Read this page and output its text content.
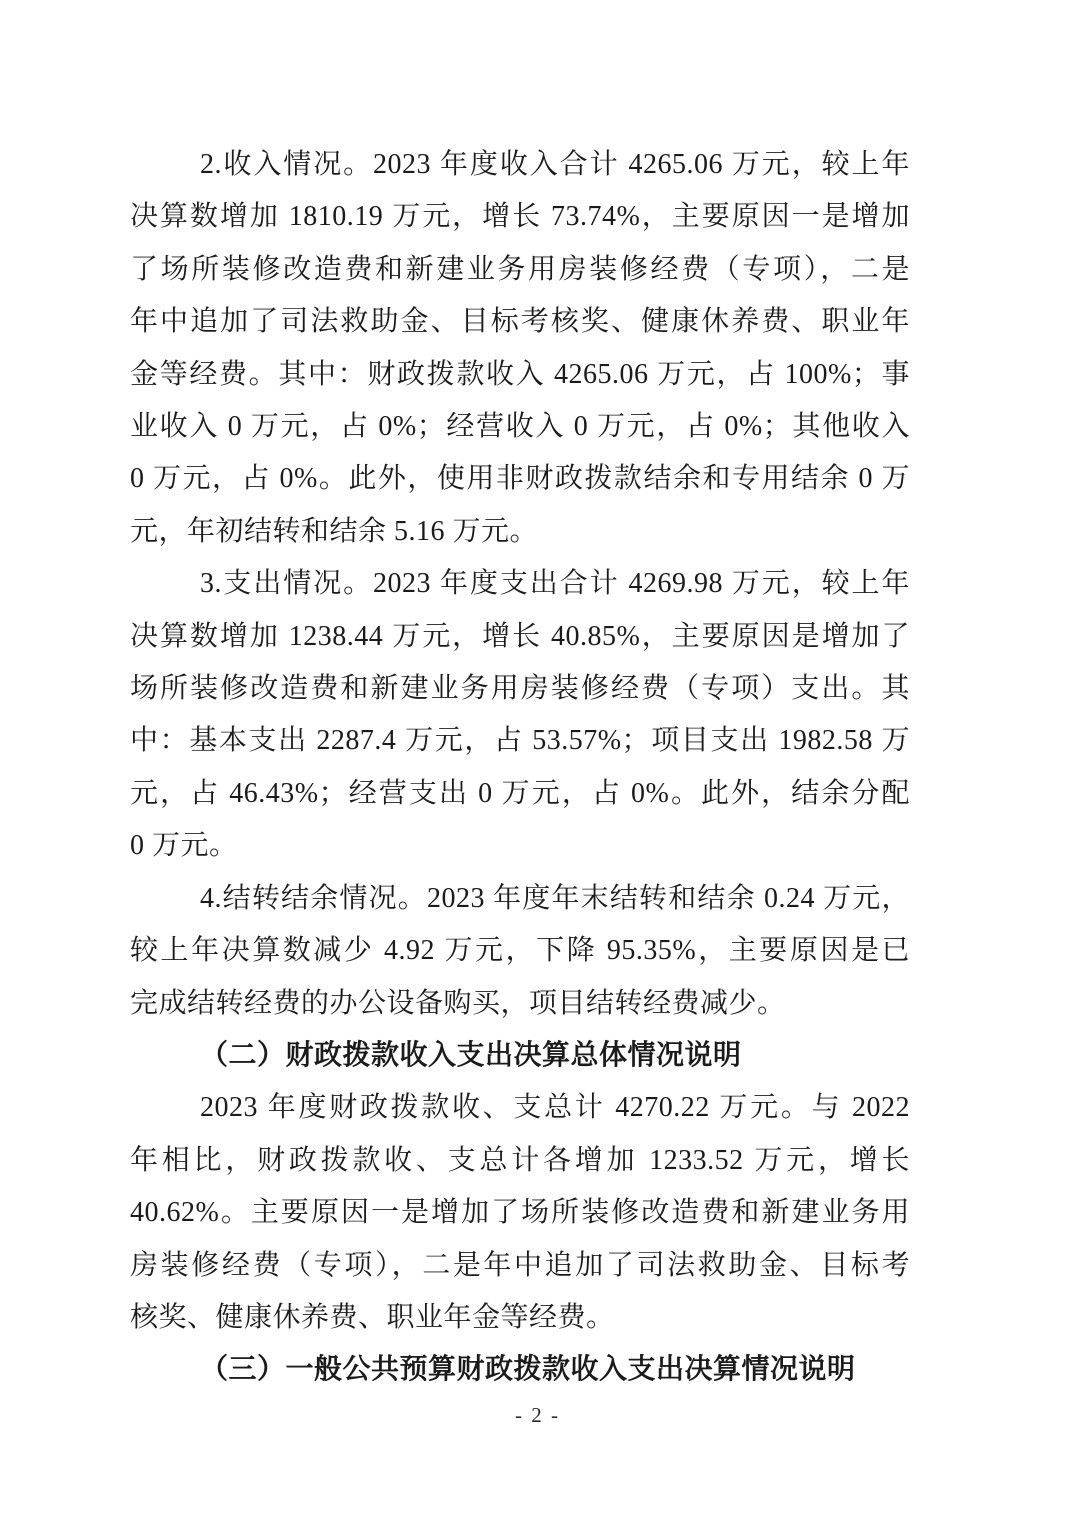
2.收入情况。2023 年度收入合计 4265.06 万元，较上年
决算数增加 1810.19 万元，增长 73.74%，主要原因一是增加
了场所装修改造费和新建业务用房装修经费（专项），二是
年中追加了司法救助金、目标考核奖、健康休养费、职业年
金等经费。其中：财政拨款收入 4265.06 万元，占 100%；事
业收入 0 万元，占 0%；经营收入 0 万元，占 0%；其他收入
0 万元，占 0%。此外，使用非财政拨款结余和专用结余 0 万
元，年初结转和结余 5.16 万元。
3.支出情况。2023 年度支出合计 4269.98 万元，较上年
决算数增加 1238.44 万元，增长 40.85%，主要原因是增加了
场所装修改造费和新建业务用房装修经费（专项）支出。其
中：基本支出 2287.4 万元，占 53.57%；项目支出 1982.58 万
元，占 46.43%；经营支出 0 万元，占 0%。此外，结余分配
0 万元。
4.结转结余情况。2023 年度年末结转和结余 0.24 万元，
较上年决算数减少 4.92 万元，下降 95.35%，主要原因是已
完成结转经费的办公设备购买，项目结转经费减少。
（二）财政拨款收入支出决算总体情况说明
2023 年度财政拨款收、支总计 4270.22 万元。与 2022
年相比，财政拨款收、支总计各增加 1233.52 万元，增长
40.62%。主要原因一是增加了场所装修改造费和新建业务用
房装修经费（专项），二是年中追加了司法救助金、目标考
核奖、健康休养费、职业年金等经费。
（三）一般公共预算财政拨款收入支出决算情况说明
- 2 -
